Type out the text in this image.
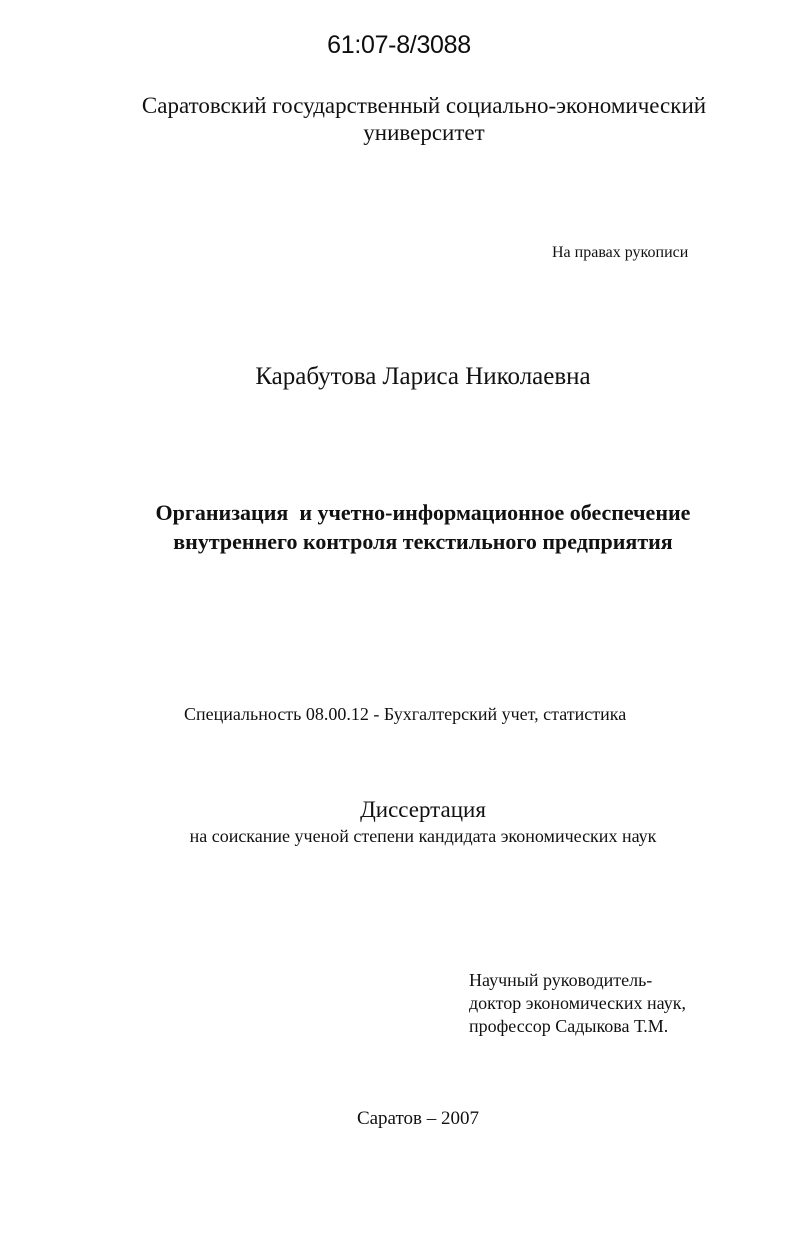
61:07-8/3088
Саратовский государственный социально-экономический
университет
На правах рукописи
Карабутова Лариса Николаевна
Организация  и учетно-информационное обеспечение
внутреннего контроля текстильного предприятия
Специальность 08.00.12 - Бухгалтерский учет, статистика
Диссертация
на соискание ученой степени кандидата экономических наук
Научный руководитель-
доктор экономических наук,
профессор Садыкова Т.М.
Саратов – 2007
